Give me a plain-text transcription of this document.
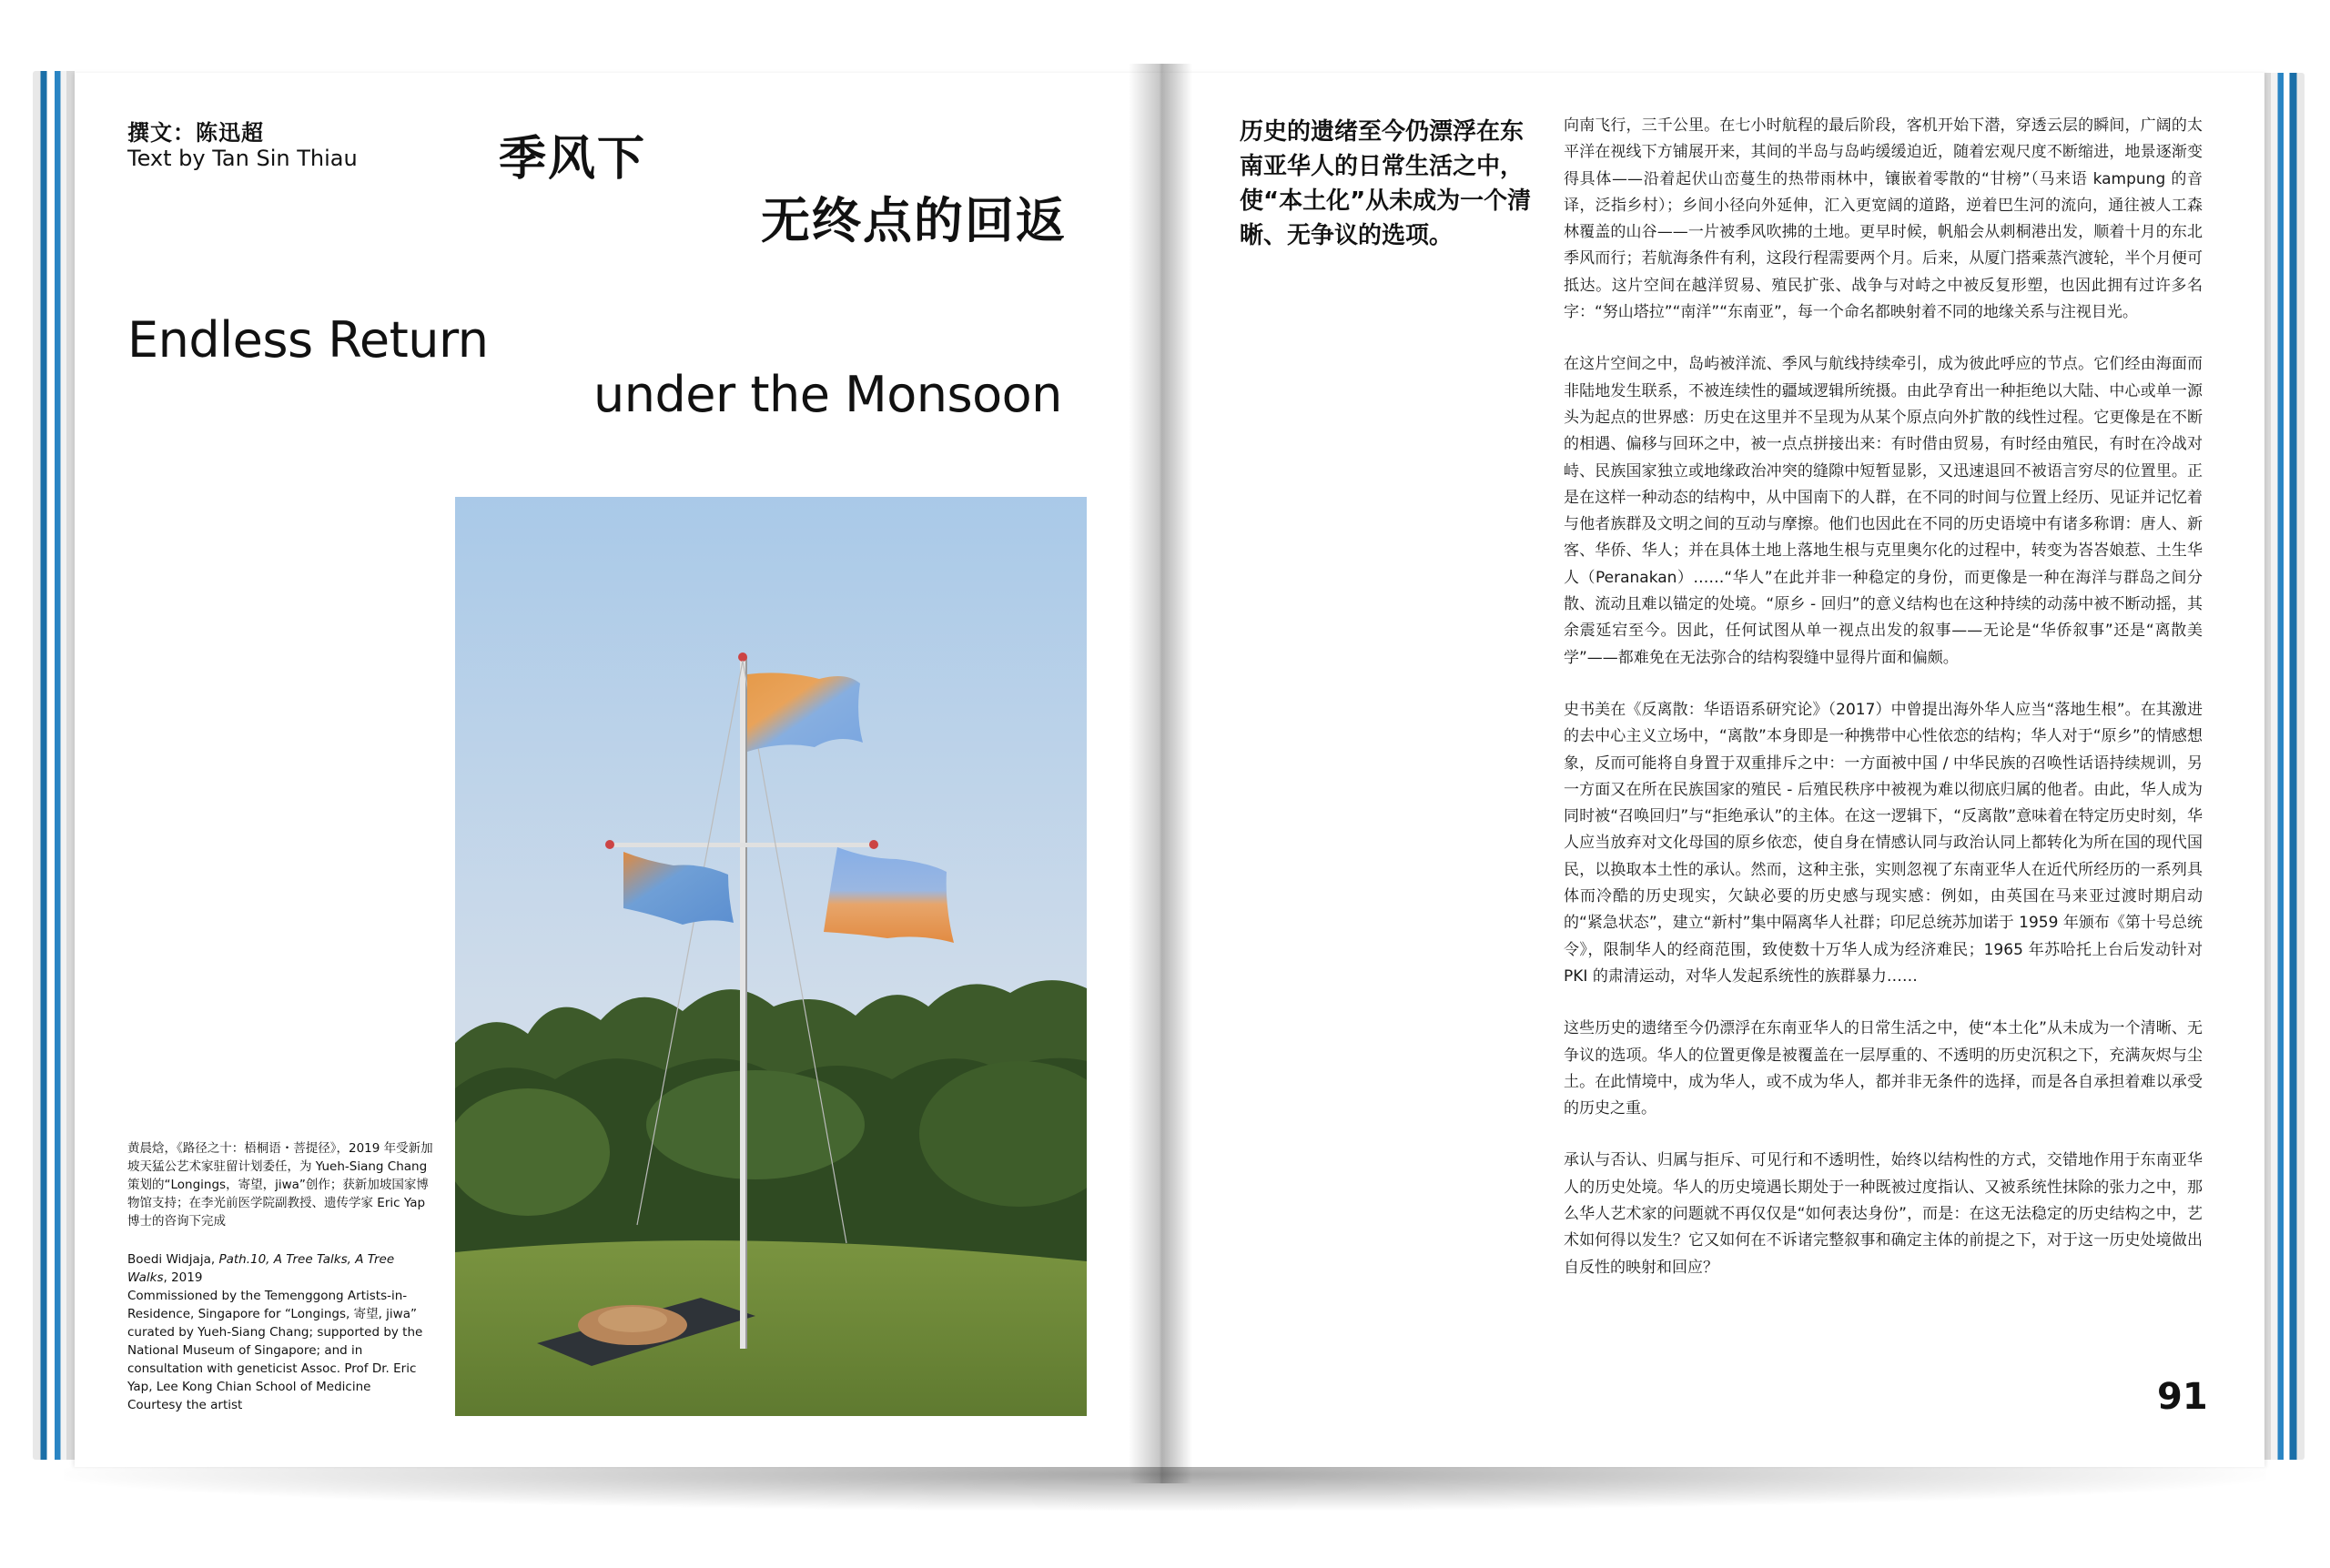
撰文：陈迅超
Text by Tan Sin Thiau	季风下
无终点的回返
Endless Return
under the Monsoon
黄晨焓，《路径之十：梧桐语・菩提径》，2019 年受新加坡天猛公艺术家驻留计划委任，为 Yueh-Siang Chang 策划的“Longings，寄望，jiwa”创作；获新加坡国家博物馆支持；在李光前医学院副教授、遗传学家 Eric Yap 博士的咨询下完成

Boedi Widjaja, Path.10, A Tree Talks, A Tree Walks, 2019

Commissioned by the Temenggong Artists-in-Residence, Singapore for “Longings, 寄望, jiwa” curated by Yueh-Siang Chang; supported by the National Museum of Singapore; and in consultation with geneticist Assoc. Prof Dr. Eric Yap, Lee Kong Chian School of Medicine

Courtesy the artist

历史的遗绪至今仍漂浮在东南亚华人的日常生活之中，使“本土化”从未成为一个清晰、无争议的选项。

向南飞行，三千公里。在七小时航程的最后阶段，客机开始下潜，穿透云层的瞬间，广阔的太平洋在视线下方铺展开来，其间的半岛与岛屿缓缓迫近，随着宏观尺度不断缩进，地景逐渐变得具体——沿着起伏山峦蔓生的热带雨林中，镶嵌着零散的“甘榜”（马来语 kampung 的音译，泛指乡村）；乡间小径向外延伸，汇入更宽阔的道路，逆着巴生河的流向，通往被人工森林覆盖的山谷——一片被季风吹拂的土地。更早时候，帆船会从刺桐港出发，顺着十月的东北季风而行；若航海条件有利，这段行程需要两个月。后来，从厦门搭乘蒸汽渡轮，半个月便可抵达。这片空间在越洋贸易、殖民扩张、战争与对峙之中被反复形塑，也因此拥有过许多名字：“努山塔拉”“南洋”“东南亚”，每一个命名都映射着不同的地缘关系与注视目光。

在这片空间之中，岛屿被洋流、季风与航线持续牵引，成为彼此呼应的节点。它们经由海面而非陆地发生联系，不被连续性的疆域逻辑所统摄。由此孕育出一种拒绝以大陆、中心或单一源头为起点的世界感：历史在这里并不呈现为从某个原点向外扩散的线性过程。它更像是在不断的相遇、偏移与回环之中，被一点点拼接出来：有时借由贸易，有时经由殖民，有时在冷战对峙、民族国家独立或地缘政治冲突的缝隙中短暂显影，又迅速退回不被语言穷尽的位置里。正是在这样一种动态的结构中，从中国南下的人群，在不同的时间与位置上经历、见证并记忆着与他者族群及文明之间的互动与摩擦。他们也因此在不同的历史语境中有诸多称谓：唐人、新客、华侨、华人；并在具体土地上落地生根与克里奥尔化的过程中，转变为峇峇娘惹、土生华人（Peranakan）……“华人”在此并非一种稳定的身份，而更像是一种在海洋与群岛之间分散、流动且难以锚定的处境。“原乡 - 回归”的意义结构也在这种持续的动荡中被不断动摇，其余震延宕至今。因此，任何试图从单一视点出发的叙事——无论是“华侨叙事”还是“离散美学”——都难免在无法弥合的结构裂缝中显得片面和偏颇。

史书美在《反离散：华语语系研究论》（2017）中曾提出海外华人应当“落地生根”。在其激进的去中心主义立场中，“离散”本身即是一种携带中心性依恋的结构；华人对于“原乡”的情感想象，反而可能将自身置于双重排斥之中：一方面被中国 / 中华民族的召唤性话语持续规训，另一方面又在所在民族国家的殖民 - 后殖民秩序中被视为难以彻底归属的他者。由此，华人成为同时被“召唤回归”与“拒绝承认”的主体。在这一逻辑下，“反离散”意味着在特定历史时刻，华人应当放弃对文化母国的原乡依恋，使自身在情感认同与政治认同上都转化为所在国的现代国民，以换取本土性的承认。然而，这种主张，实则忽视了东南亚华人在近代所经历的一系列具体而冷酷的历史现实，欠缺必要的历史感与现实感：例如，由英国在马来亚过渡时期启动的“紧急状态”，建立“新村”集中隔离华人社群；印尼总统苏加诺于 1959 年颁布《第十号总统令》，限制华人的经商范围，致使数十万华人成为经济难民；1965 年苏哈托上台后发动针对 PKI 的肃清运动，对华人发起系统性的族群暴力……

这些历史的遗绪至今仍漂浮在东南亚华人的日常生活之中，使“本土化”从未成为一个清晰、无争议的选项。华人的位置更像是被覆盖在一层厚重的、不透明的历史沉积之下，充满灰烬与尘土。在此情境中，成为华人，或不成为华人，都并非无条件的选择，而是各自承担着难以承受的历史之重。

承认与否认、归属与拒斥、可见行和不透明性，始终以结构性的方式，交错地作用于东南亚华人的历史处境。华人的历史境遇长期处于一种既被过度指认、又被系统性抹除的张力之中，那么华人艺术家的问题就不再仅仅是“如何表达身份”，而是：在这无法稳定的历史结构之中，艺术如何得以发生？它又如何在不诉诸完整叙事和确定主体的前提之下，对于这一历史处境做出自反性的映射和回应？

91
